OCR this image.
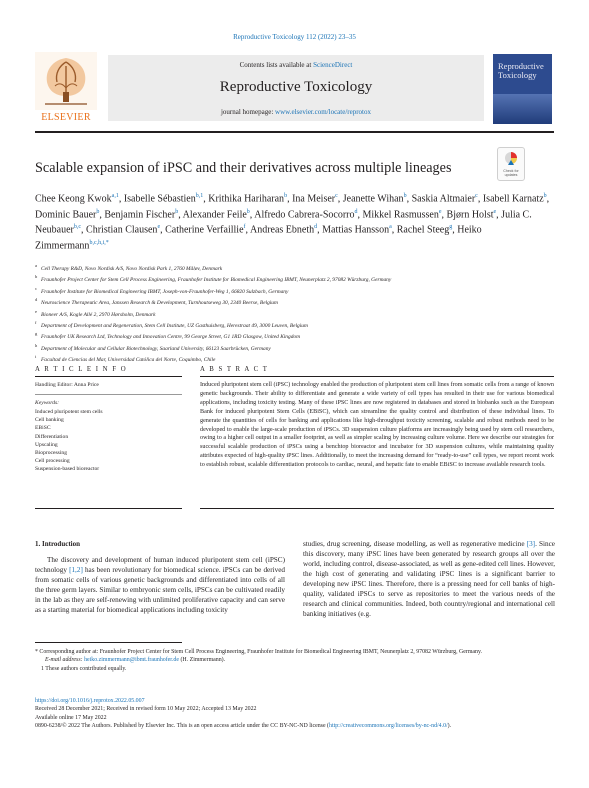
Reproductive Toxicology 112 (2022) 23–35
ELSEVIER
Contents lists available at ScienceDirect
Reproductive Toxicology
journal homepage: www.elsevier.com/locate/reprotox
Reproductive Toxicology
Scalable expansion of iPSC and their derivatives across multiple lineages	Check for updates
Chee Keong Kwok$^{a,1}$, Isabelle Sébastien$^{b,1}$, Krithika Hariharan$^b$, Ina Meiser$^c$, Jeanette Wihan$^b$, Saskia Altmaier$^c$, Isabell Karnatz$^b$, Dominic Bauer$^b$, Benjamin Fischer$^b$, Alexander Feile$^b$, Alfredo Cabrera-Socorro$^d$, Mikkel Rasmussen$^e$, Bjørn Holst$^e$, Julia C. Neubauer$^{b,c}$, Christian Clausen$^e$, Catherine Verfaillie$^f$, Andreas Ebneth$^d$, Mattias Hansson$^a$, Rachel Steeg$^g$, Heiko Zimmermann$^{b,c,h,i,*}$
$^a$Cell Therapy R&D, Novo Nordisk A/S, Novo Nordisk Park 1, 2760 Måløv, Denmark
$^b$Fraunhofer Project Center for Stem Cell Process Engineering, Fraunhofer Institute for Biomedical Engineering IBMT, Neunerplatz 2, 97082 Würzburg, Germany
$^c$Fraunhofer Institute for Biomedical Engineering IBMT, Joseph-von-Fraunhofer-Weg 1, 66820 Sulzbach, Germany
$^d$Neuroscience Therapeutic Area, Janssen Research & Development, Turnhoutseweg 30, 2340 Beerse, Belgium
$^e$Bioneer A/S, Kogle Allé 2, 2970 Hørsholm, Denmark
$^f$Department of Development and Regeneration, Stem Cell Institute, UZ Gasthuisberg, Herestraat 49, 3000 Leuven, Belgium
$^g$Fraunhofer UK Research Ltd, Technology and Innovation Centre, 99 George Street, G1 1RD Glasgow, United Kingdom
$^h$Department of Molecular and Cellular Biotechnology, Saarland University, 66123 Saarbrücken, Germany
$^i$Facultad de Ciencias del Mar, Universidad Católica del Norte, Coquimbo, Chile
A R T I C L E I N F O
Handling Editor: Anna Price
Keywords:
Induced pluripotent stem cells
Cell banking
EBiSC
Differentiation
Upscaling
Bioprocessing
Cell processing
Suspension-based bioreactor
A B S T R A C T
Induced pluripotent stem cell (iPSC) technology enabled the production of pluripotent stem cell lines from somatic cells from a range of known genetic backgrounds. Their ability to differentiate and generate a wide variety of cell types has resulted in their use for various biomedical applications, including toxicity testing. Many of these iPSC lines are now registered in databases and stored in biobanks such as the European Bank for induced pluripotent Stem Cells (EBiSC), which can streamline the quality control and distribution of these individual lines. To generate the quantities of cells for banking and applications like high-throughput toxicity screening, scalable and robust methods need to be developed to enable the large-scale production of iPSCs. 3D suspension culture platforms are increasingly being used by stem cell researchers, owing to a higher cell output in a smaller footprint, as well as simpler scaling by increasing culture volume. Here we describe our strategies for successful scalable production of iPSCs using a benchtop bioreactor and incubator for 3D suspension cultures, while maintaining quality attributes expected of high-quality iPSC lines. Additionally, to meet the increasing demand for “ready-to-use” cell types, we report recent work to establish robust, scalable differentiation protocols to cardiac, neural, and hepatic fate to enable EBiSC to increase available research tools.
1. Introduction
The discovery and development of human induced pluripotent stem cell (iPSC) technology [1,2] has been revolutionary for biomedical science. iPSCs can be derived from somatic cells of various genetic backgrounds and differentiated into cells of all the three germ layers. Similar to embryonic stem cells, iPSCs can be cultivated readily in the lab as they are self-renewing with unlimited proliferative capacity and can serve as a starting material for biomedical applications including toxicity
studies, drug screening, disease modelling, as well as regenerative medicine [3]. Since this discovery, many iPSC lines have been generated by research groups all over the world, including control, disease-associated, as well as gene-edited cell lines. However, the high cost of generating and validating iPSC lines is a significant barrier to developing new iPSC lines. Therefore, there is a pressing need for cell banks of high-quality, validated iPSCs to serve as repositories to meet the various needs of the research and clinical communities. Indeed, both country/regional and international cell banking initiatives (e.g.
* Corresponding author at: Fraunhofer Project Center for Stem Cell Process Engineering, Fraunhofer Institute for Biomedical Engineering IBMT, Neunerplatz 2, 97082 Würzburg, Germany.
E-mail address: heiko.zimmermann@ibmt.fraunhofer.de (H. Zimmermann).
1 These authors contributed equally.
https://doi.org/10.1016/j.reprotox.2022.05.007
Received 28 December 2021; Received in revised form 10 May 2022; Accepted 13 May 2022
Available online 17 May 2022
0890-6238/© 2022 The Authors. Published by Elsevier Inc. This is an open access article under the CC BY-NC-ND license (http://creativecommons.org/licenses/by-nc-nd/4.0/).
